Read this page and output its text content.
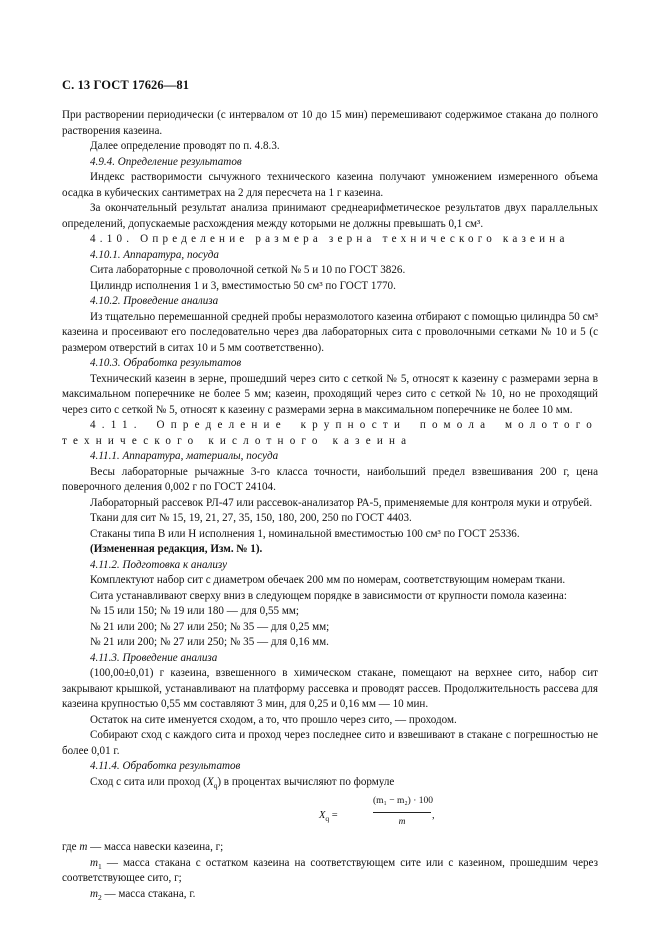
С. 13 ГОСТ 17626—81

При растворении периодически (с интервалом от 10 до 15 мин) перемешивают содержимое стакана до полного растворения казеина.

Далее определение проводят по п. 4.8.3.

4.9.4. Определение результатов

Индекс растворимости сычужного технического казеина получают умножением измеренного объема осадка в кубических сантиметрах на 2 для пересчета на 1 г казеина.

За окончательный результат анализа принимают среднеарифметическое результатов двух параллельных определений, допускаемые расхождения между которыми не должны превышать 0,1 см³.

4.10. Определение размера зерна технического казеина

4.10.1. Аппаратура, посуда

Сита лабораторные с проволочной сеткой № 5 и 10 по ГОСТ 3826.

Цилиндр исполнения 1 и 3, вместимостью 50 см³ по ГОСТ 1770.

4.10.2. Проведение анализа

Из тщательно перемешанной средней пробы неразмолотого казеина отбирают с помощью цилиндра 50 см³ казеина и просеивают его последовательно через два лабораторных сита с проволочными сетками № 10 и 5 (с размером отверстий в ситах 10 и 5 мм соответственно).

4.10.3. Обработка результатов

Технический казеин в зерне, прошедший через сито с сеткой № 5, относят к казеину с размерами зерна в максимальном поперечнике не более 5 мм; казеин, проходящий через сито с сеткой № 10, но не проходящий через сито с сеткой № 5, относят к казеину с размерами зерна в максимальном поперечнике не более 10 мм.

4.11. Определение крупности помола молотого технического кислотного казеина

4.11.1. Аппаратура, материалы, посуда

Весы лабораторные рычажные 3-го класса точности, наибольший предел взвешивания 200 г, цена поверочного деления 0,002 г по ГОСТ 24104.

Лабораторный рассевок РЛ-47 или рассевок-анализатор РА-5, применяемые для контроля муки и отрубей.

Ткани для сит № 15, 19, 21, 27, 35, 150, 180, 200, 250 по ГОСТ 4403.

Стаканы типа В или Н исполнения 1, номинальной вместимостью 100 см³ по ГОСТ 25336.

(Измененная редакция, Изм. № 1).

4.11.2. Подготовка к анализу

Комплектуют набор сит с диаметром обечаек 200 мм по номерам, соответствующим номерам ткани.

Сита устанавливают сверху вниз в следующем порядке в зависимости от крупности помола казеина:

№ 15 или 150; № 19 или 180 — для 0,55 мм;

№ 21 или 200; № 27 или 250; № 35 — для 0,25 мм;

№ 21 или 200; № 27 или 250; № 35 — для 0,16 мм.

4.11.3. Проведение анализа

(100,00±0,01) г казеина, взвешенного в химическом стакане, помещают на верхнее сито, набор сит закрывают крышкой, устанавливают на платформу рассевка и проводят рассев. Продолжительность рассева для казеина крупностью 0,55 мм составляют 3 мин, для 0,25 и 0,16 мм — 10 мин.

Остаток на сите именуется сходом, а то, что прошло через сито, — проходом.

Собирают сход с каждого сита и проход через последнее сито и взвешивают в стакане с погрешностью не более 0,01 г.

4.11.4. Обработка результатов

Сход с сита или проход $(X_q)$ в процентах вычисляют по формуле

$X_q$ =	$\frac{\text{(m₁ − m₂) · 100}}{m}$ ,

где m — масса навески казеина, г;

$m_1$ — масса стакана с остатком казеина на соответствующем сите или с казеином, прошедшим через соответствующее сито, г;

$m_2$ — масса стакана, г.
